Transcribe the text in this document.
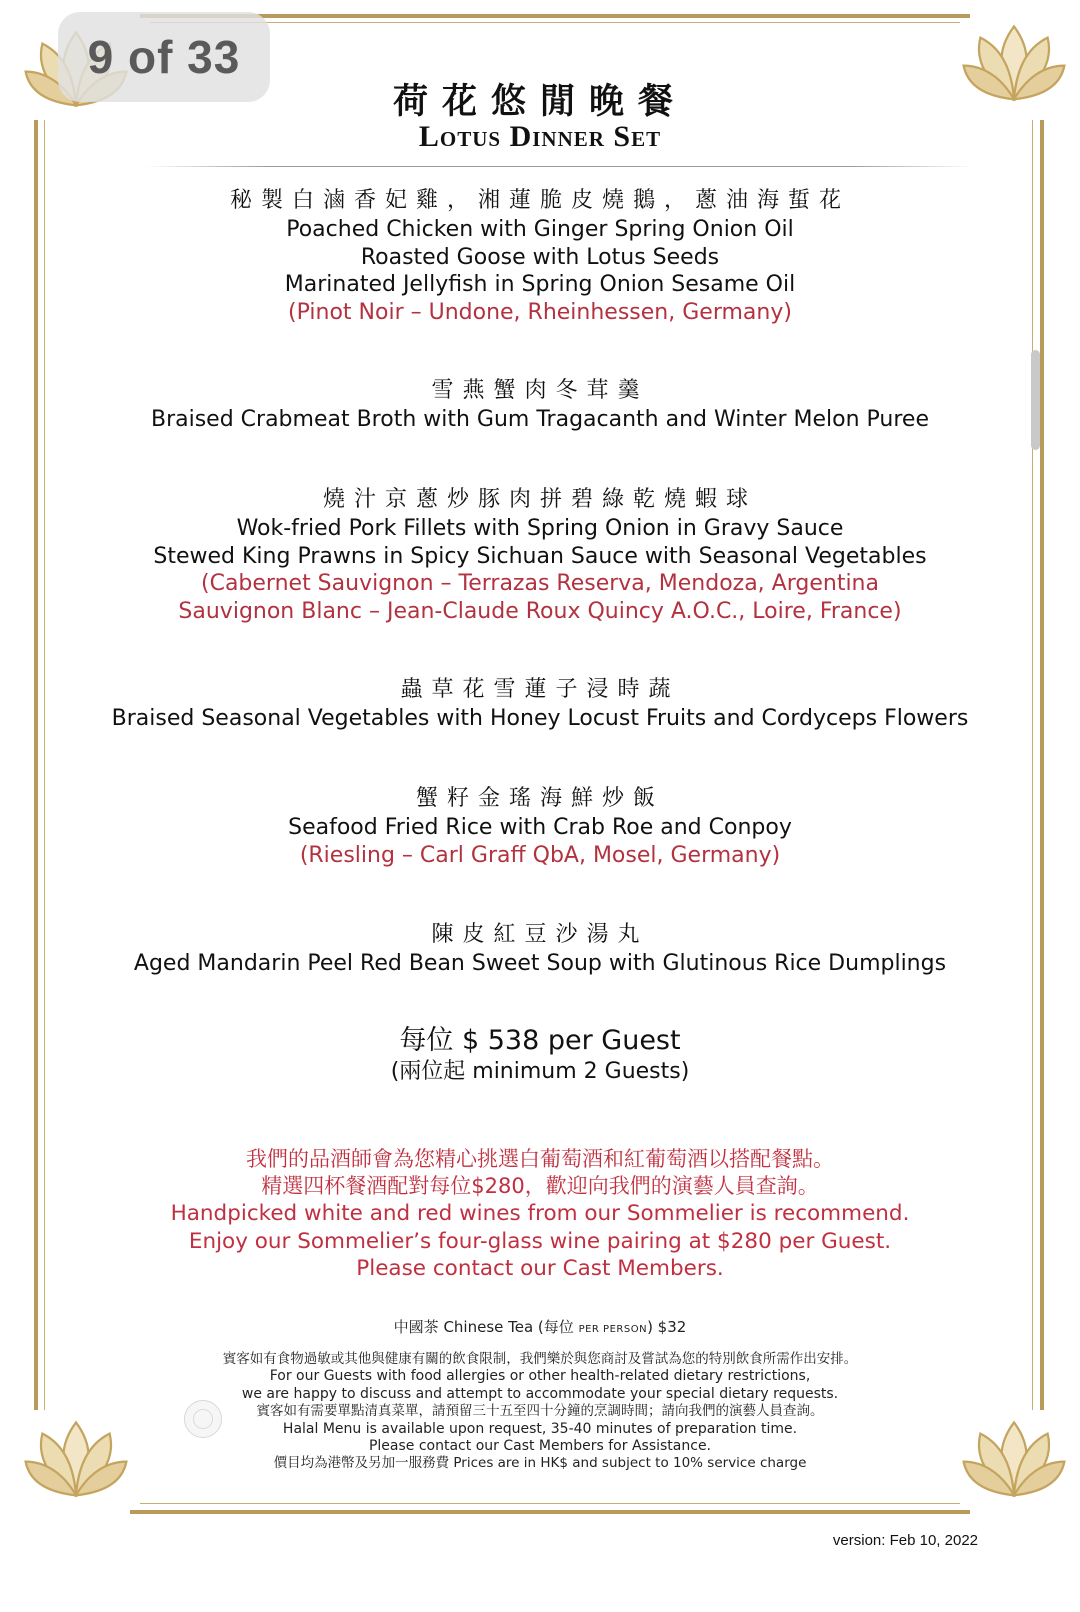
9 of 33
荷花悠閒晚餐
Lotus Dinner Set
秘製白滷香妃雞，湘蓮脆皮燒鵝，蔥油海蜇花
Poached Chicken with Ginger Spring Onion Oil
Roasted Goose with Lotus Seeds
Marinated Jellyfish in Spring Onion Sesame Oil
(Pinot Noir – Undone, Rheinhessen, Germany)
雪燕蟹肉冬茸羹
Braised Crabmeat Broth with Gum Tragacanth and Winter Melon Puree
燒汁京蔥炒豚肉拼碧綠乾燒蝦球
Wok-fried Pork Fillets with Spring Onion in Gravy Sauce
Stewed King Prawns in Spicy Sichuan Sauce with Seasonal Vegetables
(Cabernet Sauvignon – Terrazas Reserva, Mendoza, Argentina
Sauvignon Blanc – Jean-Claude Roux Quincy A.O.C., Loire, France)
蟲草花雪蓮子浸時蔬
Braised Seasonal Vegetables with Honey Locust Fruits and Cordyceps Flowers
蟹籽金瑤海鮮炒飯
Seafood Fried Rice with Crab Roe and Conpoy
(Riesling – Carl Graff QbA, Mosel, Germany)
陳皮紅豆沙湯丸
Aged Mandarin Peel Red Bean Sweet Soup with Glutinous Rice Dumplings
每位 $ 538 per Guest
(兩位起 minimum 2 Guests)
我們的品酒師會為您精心挑選白葡萄酒和紅葡萄酒以搭配餐點。
精選四杯餐酒配對每位$280，歡迎向我們的演藝人員查詢。
Handpicked white and red wines from our Sommelier is recommend.
Enjoy our Sommelier’s four-glass wine pairing at $280 per Guest.
Please contact our Cast Members.
中國茶 Chinese Tea (每位 PER PERSON) $32
賓客如有食物過敏或其他與健康有關的飲食限制，我們樂於與您商討及嘗試為您的特別飲食所需作出安排。
For our Guests with food allergies or other health-related dietary restrictions,
we are happy to discuss and attempt to accommodate your special dietary requests.
賓客如有需要單點清真菜單，請預留三十五至四十分鐘的烹調時間；請向我們的演藝人員查詢。
Halal Menu is available upon request, 35-40 minutes of preparation time.
Please contact our Cast Members for Assistance.
價目均為港幣及另加一服務費 Prices are in HK$ and subject to 10% service charge
version: Feb 10, 2022
